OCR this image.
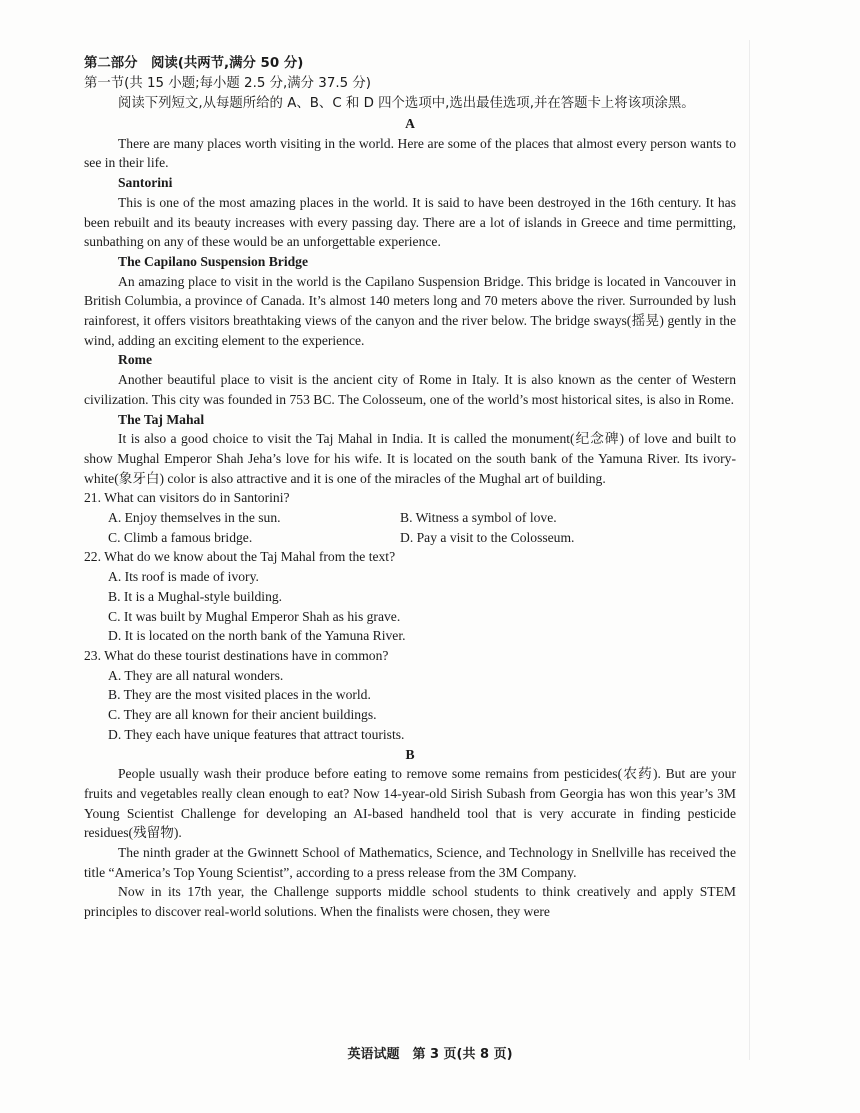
第二部分　阅读(共两节,满分 50 分)

第一节(共 15 小题;每小题 2.5 分,满分 37.5 分)

阅读下列短文,从每题所给的 A、B、C 和 D 四个选项中,选出最佳选项,并在答题卡上将该项涂黑。

A

There are many places worth visiting in the world. Here are some of the places that almost every person wants to see in their life.

Santorini

This is one of the most amazing places in the world. It is said to have been destroyed in the 16th century. It has been rebuilt and its beauty increases with every passing day. There are a lot of islands in Greece and time permitting, sunbathing on any of these would be an unforgettable experience.

The Capilano Suspension Bridge

An amazing place to visit in the world is the Capilano Suspension Bridge. This bridge is located in Vancouver in British Columbia, a province of Canada. It’s almost 140 meters long and 70 meters above the river. Surrounded by lush rainforest, it offers visitors breathtaking views of the canyon and the river below. The bridge sways(摇晃) gently in the wind, adding an exciting element to the experience.

Rome

Another beautiful place to visit is the ancient city of Rome in Italy. It is also known as the center of Western civilization. This city was founded in 753 BC. The Colosseum, one of the world’s most historical sites, is also in Rome.

The Taj Mahal

It is also a good choice to visit the Taj Mahal in India. It is called the monument(纪念碑) of love and built to show Mughal Emperor Shah Jeha’s love for his wife. It is located on the south bank of the Yamuna River. Its ivory-white(象牙白) color is also attractive and it is one of the miracles of the Mughal art of building.

21. What can visitors do in Santorini?

A. Enjoy themselves in the sun.	B. Witness a symbol of love.
C. Climb a famous bridge.	D. Pay a visit to the Colosseum.

22. What do we know about the Taj Mahal from the text?

A. Its roof is made of ivory.

B. It is a Mughal-style building.

C. It was built by Mughal Emperor Shah as his grave.

D. It is located on the north bank of the Yamuna River.

23. What do these tourist destinations have in common?

A. They are all natural wonders.

B. They are the most visited places in the world.

C. They are all known for their ancient buildings.

D. They each have unique features that attract tourists.

B

People usually wash their produce before eating to remove some remains from pesticides(农药). But are your fruits and vegetables really clean enough to eat? Now 14-year-old Sirish Subash from Georgia has won this year’s 3M Young Scientist Challenge for developing an AI-based handheld tool that is very accurate in finding pesticide residues(残留物).

The ninth grader at the Gwinnett School of Mathematics, Science, and Technology in Snellville has received the title “America’s Top Young Scientist”, according to a press release from the 3M Company.

Now in its 17th year, the Challenge supports middle school students to think creatively and apply STEM principles to discover real-world solutions. When the finalists were chosen, they were

英语试题　第 3 页(共 8 页)
